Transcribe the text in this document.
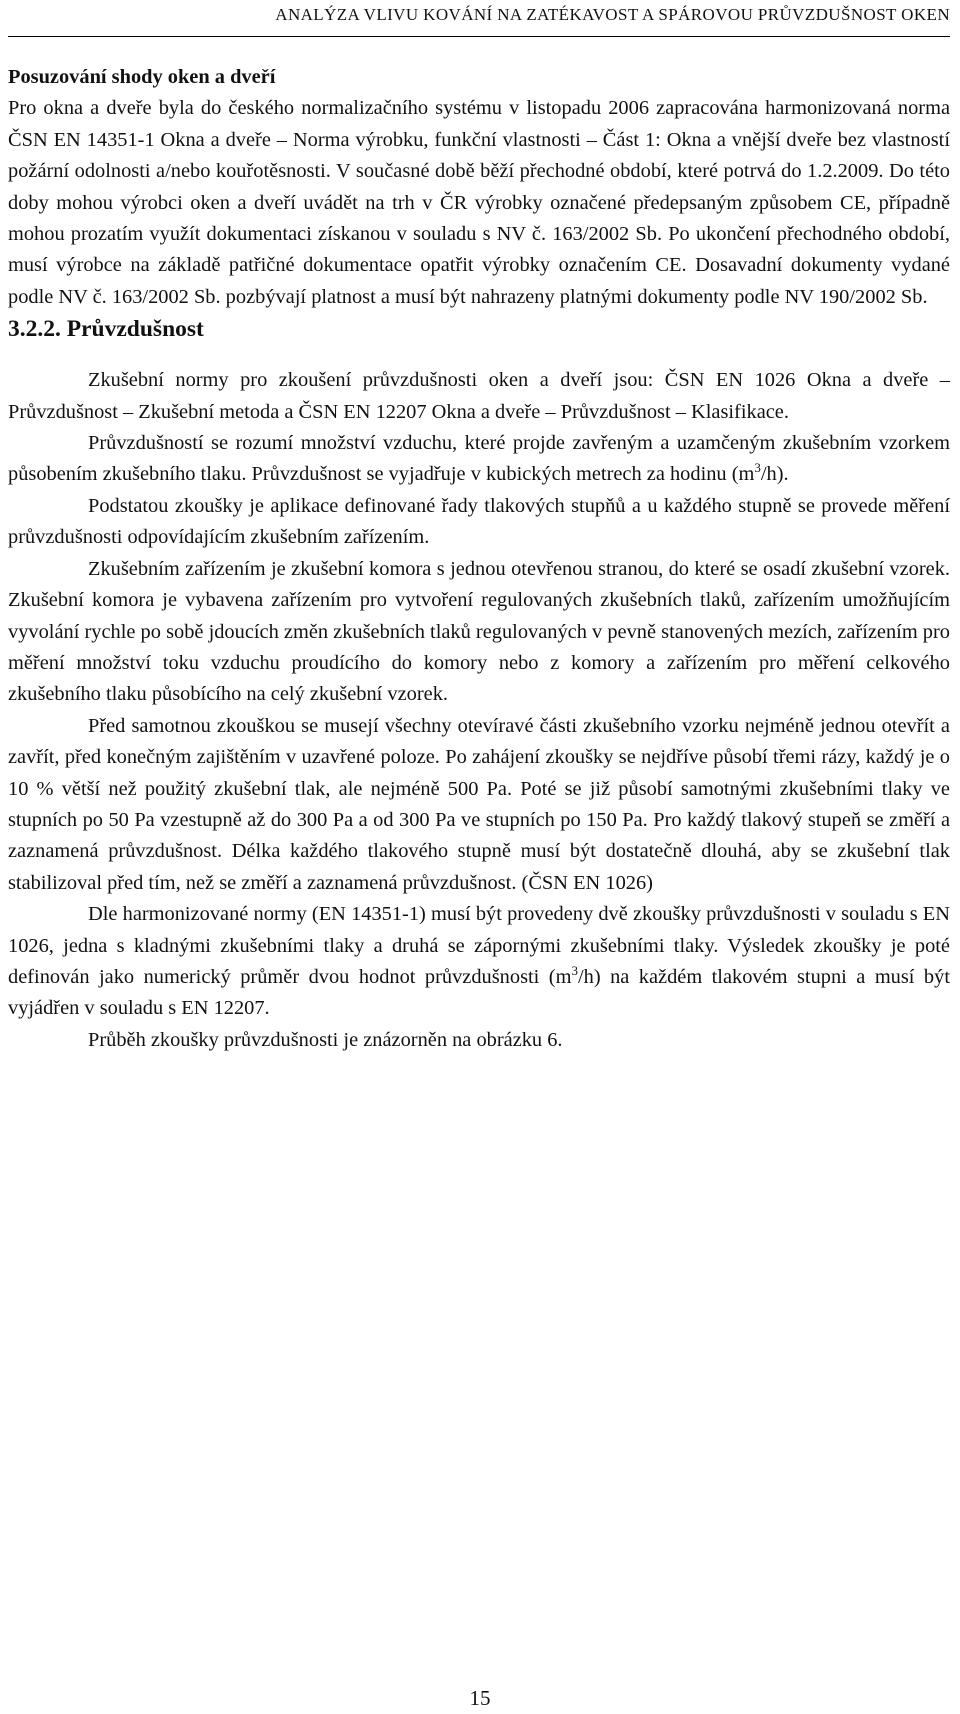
ANALÝZA VLIVU KOVÁNÍ NA ZATÉKAVOST A SPÁROVOU PRŮVZDUŠNOST OKEN

Posuzování shody oken a dveří

Pro okna a dveře byla do českého normalizačního systému v listopadu 2006 zapracována harmonizovaná norma ČSN EN 14351-1 Okna a dveře – Norma výrobku, funkční vlastnosti – Část 1: Okna a vnější dveře bez vlastností požární odolnosti a/nebo kouřotěsnosti. V současné době běží přechodné období, které potrvá do 1.2.2009. Do této doby mohou výrobci oken a dveří uvádět na trh v ČR výrobky označené předepsaným způsobem CE, případně mohou prozatím využít dokumentaci získanou v souladu s NV č. 163/2002 Sb. Po ukončení přechodného období, musí výrobce na základě patřičné dokumentace opatřit výrobky označením CE. Dosavadní dokumenty vydané podle NV č. 163/2002 Sb. pozbývají platnost a musí být nahrazeny platnými dokumenty podle NV 190/2002 Sb.

3.2.2. Průvzdušnost

Zkušební normy pro zkoušení průvzdušnosti oken a dveří jsou: ČSN EN 1026 Okna a dveře – Průvzdušnost – Zkušební metoda a ČSN EN 12207 Okna a dveře – Průvzdušnost – Klasifikace.

Průvzdušností se rozumí množství vzduchu, které projde zavřeným a uzamčeným zkušebním vzorkem působením zkušebního tlaku. Průvzdušnost se vyjadřuje v kubických metrech za hodinu $(m^3/h)$.

Podstatou zkoušky je aplikace definované řady tlakových stupňů a u každého stupně se provede měření průvzdušnosti odpovídajícím zkušebním zařízením.

Zkušebním zařízením je zkušební komora s jednou otevřenou stranou, do které se osadí zkušební vzorek. Zkušební komora je vybavena zařízením pro vytvoření regulovaných zkušebních tlaků, zařízením umožňujícím vyvolání rychle po sobě jdoucích změn zkušebních tlaků regulovaných v pevně stanovených mezích, zařízením pro měření množství toku vzduchu proudícího do komory nebo z komory a zařízením pro měření celkového zkušebního tlaku působícího na celý zkušební vzorek.

Před samotnou zkouškou se musejí všechny otevíravé části zkušebního vzorku nejméně jednou otevřít a zavřít, před konečným zajištěním v uzavřené poloze. Po zahájení zkoušky se nejdříve působí třemi rázy, každý je o 10 % větší než použitý zkušební tlak, ale nejméně 500 Pa. Poté se již působí samotnými zkušebními tlaky ve stupních po 50 Pa vzestupně až do 300 Pa a od 300 Pa ve stupních po 150 Pa. Pro každý tlakový stupeň se změří a zaznamená průvzdušnost. Délka každého tlakového stupně musí být dostatečně dlouhá, aby se zkušební tlak stabilizoval před tím, než se změří a zaznamená průvzdušnost. (ČSN EN 1026)

Dle harmonizované normy (EN 14351-1) musí být provedeny dvě zkoušky průvzdušnosti v souladu s EN 1026, jedna s kladnými zkušebními tlaky a druhá se zápornými zkušebními tlaky. Výsledek zkoušky je poté definován jako numerický průměr dvou hodnot průvzdušnosti $(m^3/h)$ na každém tlakovém stupni a musí být vyjádřen v souladu s EN 12207.

Průběh zkoušky průvzdušnosti je znázorněn na obrázku 6.

15
